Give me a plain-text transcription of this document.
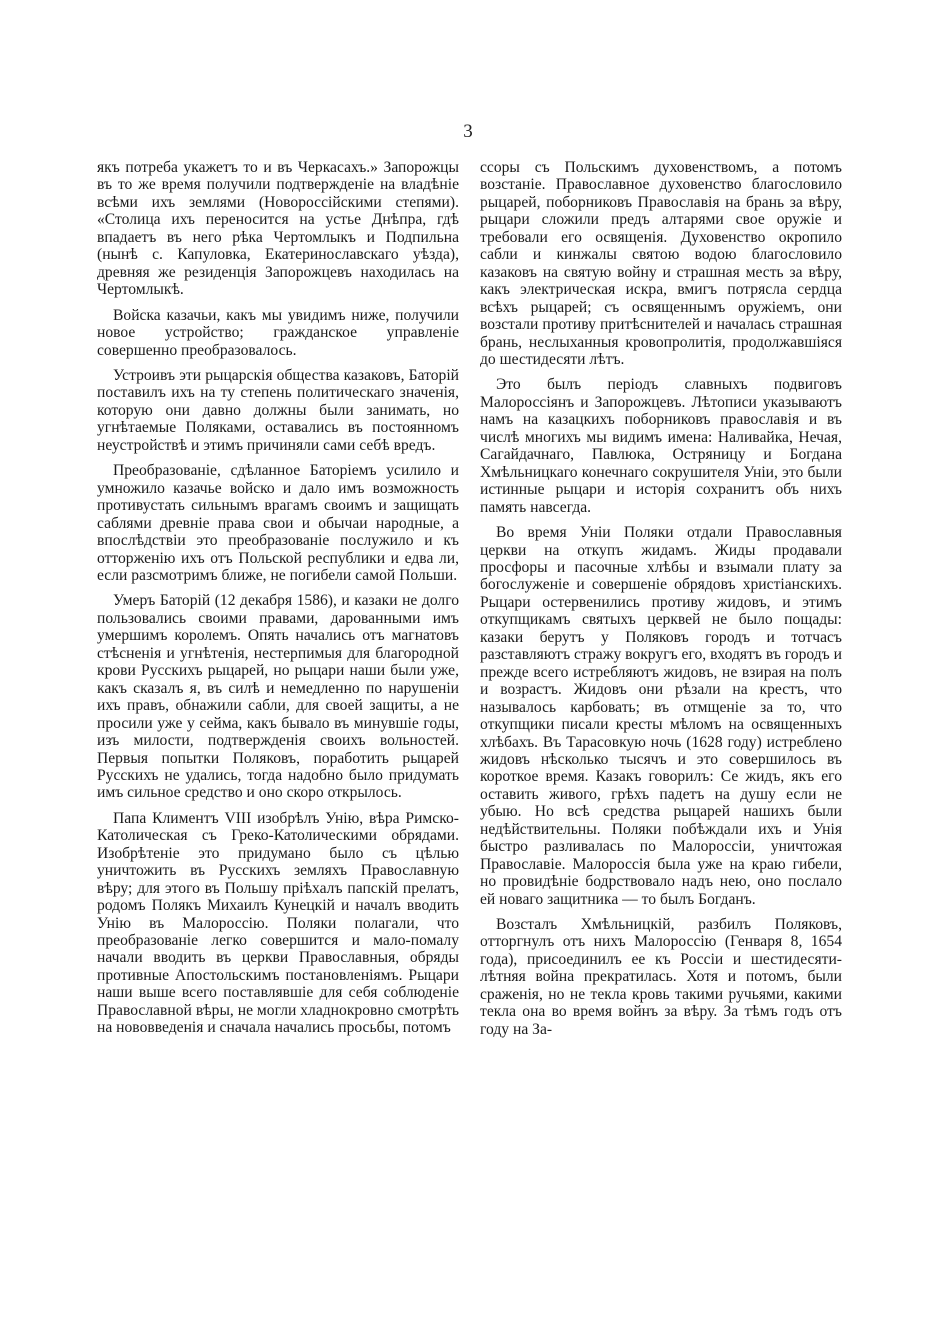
3

якъ потреба укажетъ то и въ Черкасахъ.» Запорожцы въ то же время получили подтвержденіе на владѣніе всѣми ихъ землями (Новороссійскими степями). «Столица ихъ переносится на устье Днѣпра, гдѣ впадаетъ въ него рѣка Чертомлыкъ и Подпильна (нынѣ с. Капуловка, Екатеринославскаго уѣзда), древняя же резиденція Запорожцевъ находилась на Чертомлыкѣ.

Войска казачьи, какъ мы увидимъ ниже, получили новое устройство; гражданское управленіе совершенно преобразовалось.

Устроивъ эти рыцарскія общества казаковъ, Баторій поставилъ ихъ на ту степень политическаго значенія, которую они давно должны были занимать, но угнѣтаемые Поляками, оставались въ постоянномъ неустройствѣ и этимъ причиняли сами себѣ вредъ.

Преобразованіе, сдѣланное Баторіемъ усилило и умножило казачье войско и дало имъ возможность противустать сильнымъ врагамъ своимъ и защищать саблями древніе права свои и обычаи народные, а впослѣдствіи это преобразованіе послужило и къ отторженію ихъ отъ Польской республики и едва ли, если разсмотримъ ближе, не погибели самой Польши.

Умеръ Баторій (12 декабря 1586), и казаки не долго пользовались своими правами, дарованными имъ умершимъ королемъ. Опять начались отъ магнатовъ стѣсненія и угнѣтенія, нестерпимыя для благородной крови Русскихъ рыцарей, но рыцари наши были уже, какъ сказалъ я, въ силѣ и немедленно по нарушеніи ихъ правъ, обнажили сабли, для своей защиты, а не просили уже у сейма, какъ бывало въ минувшіе годы, изъ милости, подтвержденія своихъ вольностей. Первыя попытки Поляковъ, поработить рыцарей Русскихъ не удались, тогда надобно было придумать имъ сильное средство и оно скоро открылось.

Папа Климентъ VIII изобрѣлъ Унію, вѣра Римско-Католическая съ Греко-Католическими обрядами. Изобрѣтеніе это придумано было съ цѣлью уничтожить въ Русскихъ земляхъ Православную вѣру; для этого въ Польшу пріѣхалъ папскій прелатъ, родомъ Полякъ Михаилъ Кунецкій и началъ вводить Унію въ Малороссію. Поляки полагали, что преобразованіе легко совершится и мало-помалу начали вводить въ церкви Православныя, обряды противные Апостольскимъ постановленіямъ. Рыцари наши выше всего поставлявшіе для себя соблюденіе Православной вѣры, не могли хладнокровно смотрѣть на нововведенія и сначала начались просьбы, потомъ

ссоры съ Польскимъ духовенствомъ, а потомъ возстаніе. Православное духовенство благословило рыцарей, поборниковъ Православія на брань за вѣру, рыцари сложили предъ алтарями свое оружіе и требовали его освященія. Духовенство окропило сабли и кинжалы святою водою благословило казаковъ на святую войну и страшная месть за вѣру, какъ электрическая искра, вмигъ потрясла сердца всѣхъ рыцарей; съ освященнымъ оружіемъ, они возстали противу притѣснителей и началась страшная брань, неслыханныя кровопролитія, продолжавшіяся до шестидесяти лѣтъ.

Это былъ періодъ славныхъ подвиговъ Малороссіянъ и Запорожцевъ. Лѣтописи указываютъ намъ на казацкихъ поборниковъ православія и въ числѣ многихъ мы видимъ имена: Наливайка, Нечая, Сагайдачнаго, Павлюка, Остряницу и Богдана Хмѣльницкаго конечнаго сокрушителя Уніи, это были истинные рыцари и исторія сохранитъ объ нихъ память навсегда.

Во время Уніи Поляки отдали Православныя церкви на откупъ жидамъ. Жиды продавали просфоры и пасочные хлѣбы и взымали плату за богослуженіе и совершеніе обрядовъ христіанскихъ. Рыцари остервенились противу жидовъ, и этимъ откупщикамъ святыхъ церквей не было пощады: казаки берутъ у Поляковъ городъ и тотчасъ разставляютъ стражу вокругъ его, входятъ въ городъ и прежде всего истребляютъ жидовъ, не взирая на полъ и возрастъ. Жидовъ они рѣзали на крестъ, что называлось карбовать; въ отмщеніе за то, что откупщики писали кресты мѣломъ на освященныхъ хлѣбахъ. Въ Тарасовкую ночь (1628 году) истреблено жидовъ нѣсколько тысячъ и это совершилось въ короткое время. Казакъ говорилъ: Се жидъ, якъ его оставить живого, грѣхъ падетъ на душу если не убыю. Но всѣ средства рыцарей нашихъ были недѣйствительны. Поляки побѣждали ихъ и Унія быстро разливалась по Малороссіи, уничтожая Православіе. Малороссія была уже на краю гибели, но провидѣніе бодрствовало надъ нею, оно послало ей новаго защитника — то былъ Богданъ.

Возсталъ Хмѣльницкій, разбилъ Поляковъ, отторгнулъ отъ нихъ Малороссію (Генваря 8, 1654 года), присоединилъ ее къ Россіи и шестидесяти-лѣтняя война прекратилась. Хотя и потомъ, были сраженія, но не текла кровь такими ручьями, какими текла она во время войнъ за вѣру. За тѣмъ годъ отъ году на За-
